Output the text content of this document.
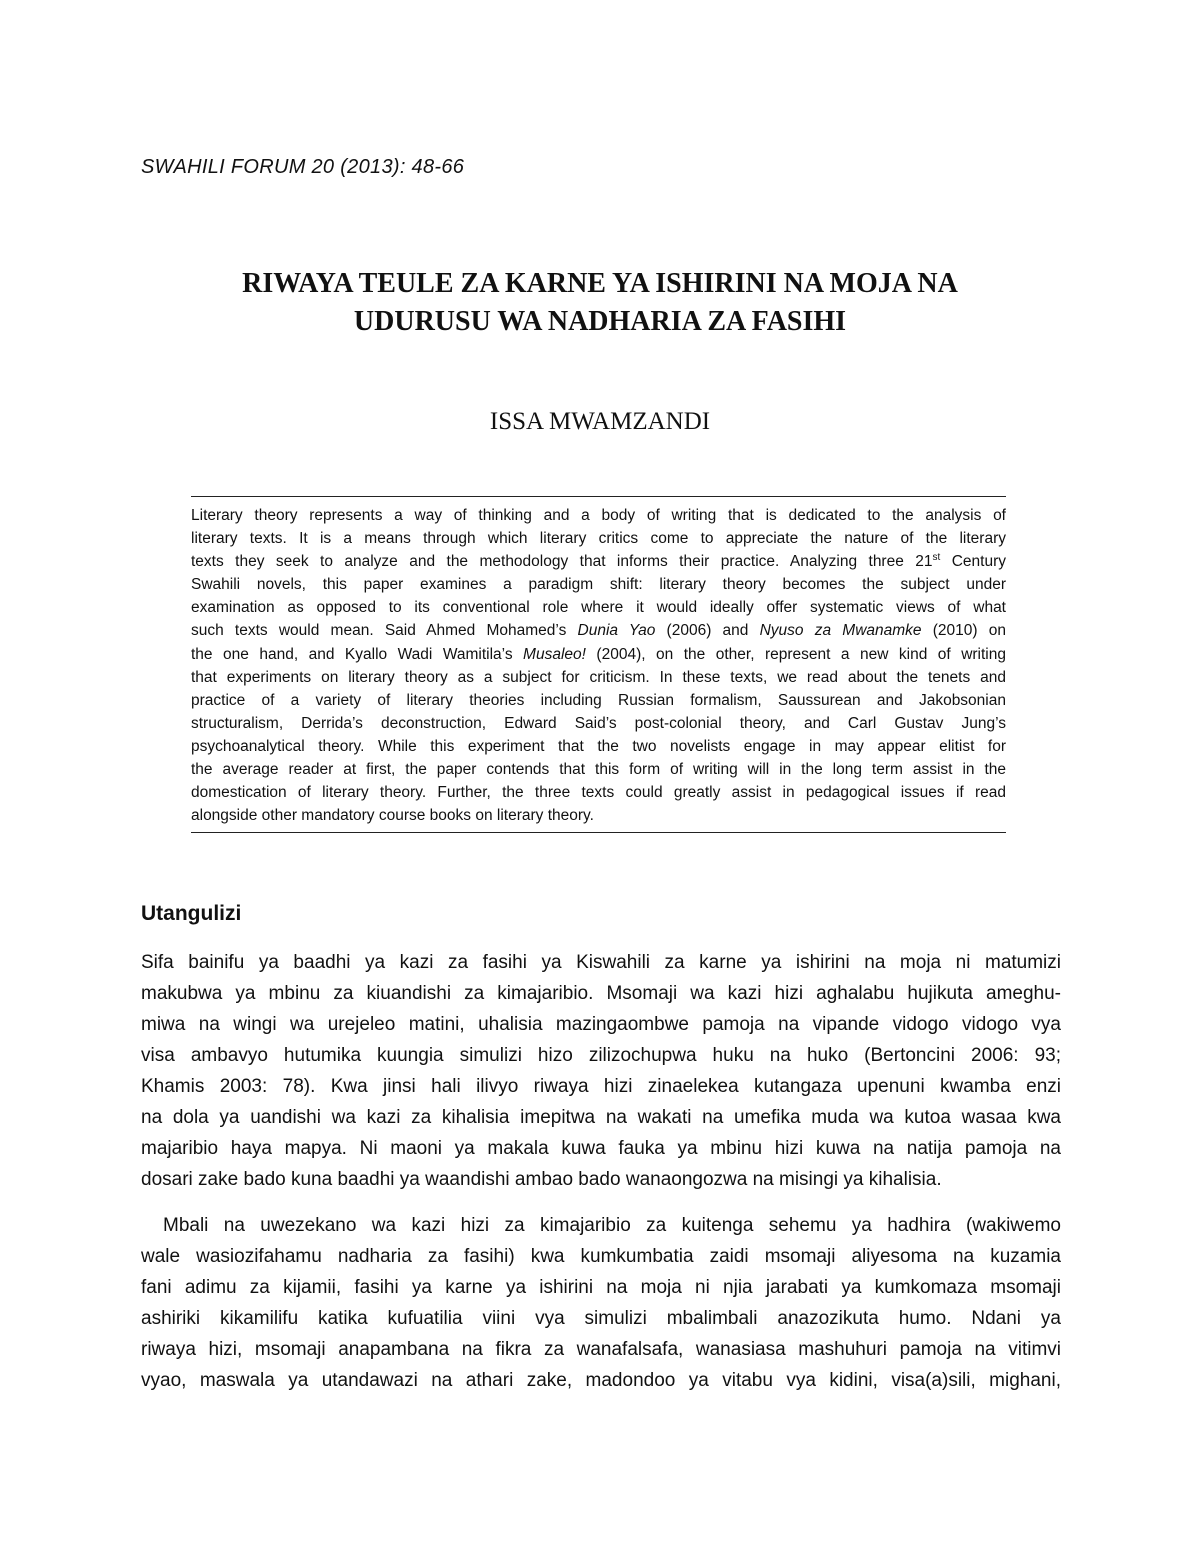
SWAHILI FORUM 20 (2013): 48-66
RIWAYA TEULE ZA KARNE YA ISHIRINI NA MOJA NA
UDURUSU WA NADHARIA ZA FASIHI
ISSA MWAMZANDI
Literary theory represents a way of thinking and a body of writing that is dedicated to the analysis of
literary texts. It is a means through which literary critics come to appreciate the nature of the literary
texts they seek to analyze and the methodology that informs their practice. Analyzing three 21st Century
Swahili novels, this paper examines a paradigm shift: literary theory becomes the subject under
examination as opposed to its conventional role where it would ideally offer systematic views of what
such texts would mean. Said Ahmed Mohamed’s Dunia Yao (2006) and Nyuso za Mwanamke (2010) on
the one hand, and Kyallo Wadi Wamitila’s Musaleo! (2004), on the other, represent a new kind of writing
that experiments on literary theory as a subject for criticism. In these texts, we read about the tenets and
practice of a variety of literary theories including Russian formalism, Saussurean and Jakobsonian
structuralism, Derrida’s deconstruction, Edward Said’s post-colonial theory, and Carl Gustav Jung’s
psychoanalytical theory. While this experiment that the two novelists engage in may appear elitist for
the average reader at first, the paper contends that this form of writing will in the long term assist in the
domestication of literary theory. Further, the three texts could greatly assist in pedagogical issues if read
alongside other mandatory course books on literary theory.
Utangulizi
Sifa bainifu ya baadhi ya kazi za fasihi ya Kiswahili za karne ya ishirini na moja ni matumizi
makubwa ya mbinu za kiuandishi za kimajaribio. Msomaji wa kazi hizi aghalabu hujikuta ameghu-
miwa na wingi wa urejeleo matini, uhalisia mazingaombwe pamoja na vipande vidogo vidogo vya
visa ambavyo hutumika kuungia simulizi hizo zilizochupwa huku na huko (Bertoncini 2006: 93;
Khamis 2003: 78). Kwa jinsi hali ilivyo riwaya hizi zinaelekea kutangaza upenuni kwamba enzi
na dola ya uandishi wa kazi za kihalisia imepitwa na wakati na umefika muda wa kutoa wasaa kwa
majaribio haya mapya. Ni maoni ya makala kuwa fauka ya mbinu hizi kuwa na natija pamoja na
dosari zake bado kuna baadhi ya waandishi ambao bado wanaongozwa na misingi ya kihalisia.
Mbali na uwezekano wa kazi hizi za kimajaribio za kuitenga sehemu ya hadhira (wakiwemo
wale wasiozifahamu nadharia za fasihi) kwa kumkumbatia zaidi msomaji aliyesoma na kuzamia
fani adimu za kijamii, fasihi ya karne ya ishirini na moja ni njia jarabati ya kumkomaza msomaji
ashiriki kikamilifu katika kufuatilia viini vya simulizi mbalimbali anazozikuta humo. Ndani ya
riwaya hizi, msomaji anapambana na fikra za wanafalsafa, wanasiasa mashuhuri pamoja na vitimvi
vyao, maswala ya utandawazi na athari zake, madondoo ya vitabu vya kidini, visa(a)sili, mighani,
